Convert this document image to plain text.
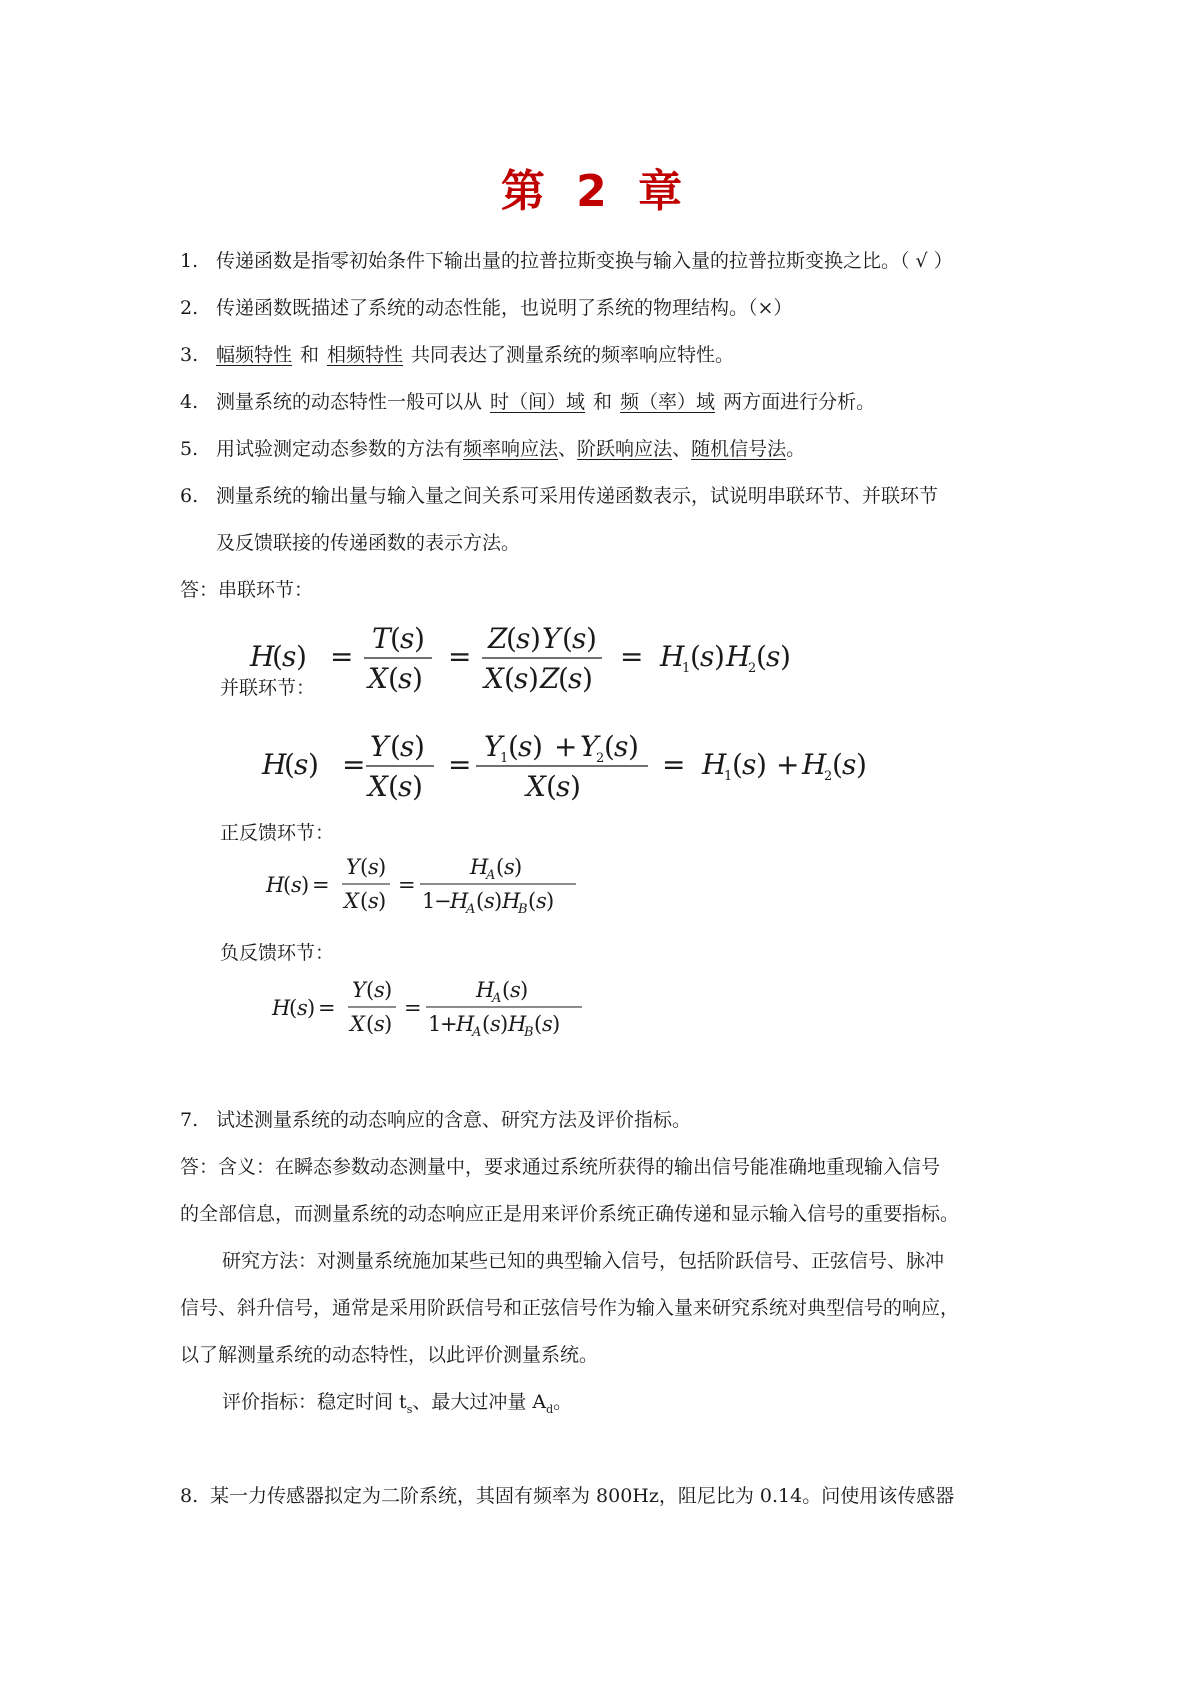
第 2 章
1. 传递函数是指零初始条件下输出量的拉普拉斯变换与输入量的拉普拉斯变换之比。（ √ ）
2. 传递函数既描述了系统的动态性能，也说明了系统的物理结构。（×）
3. 幅频特性 和 相频特性 共同表达了测量系统的频率响应特性。
4. 测量系统的动态特性一般可以从 时（间）域 和 频（率）域 两方面进行分析。
5. 用试验测定动态参数的方法有频率响应法、阶跃响应法、随机信号法。
6. 测量系统的输出量与输入量之间关系可采用传递函数表示，试说明串联环节、并联环节
及反馈联接的传递函数的表示方法。
答：串联环节：
H
( s ) =
T ( s )
X ( s )
=
Z
( s ) Y ( s )
X ( s ) Z
( s )
= H
1 ( s ) H
2 ( s )
并联环节：
H
( s ) =
Y ( s )
X ( s )
=
Y
1 ( s ) + Y
2 ( s )
X ( s )
= H
1 ( s ) + H
2 ( s )
正反馈环节：
H
( s ) =
Y ( s )
X ( s )
=
H
A ( s )
1
−
H
A ( s ) H
B ( s )
负反馈环节：
H
( s ) =
Y ( s )
X ( s )
=
H
A ( s )
1
+
H
A ( s ) H
B ( s )
7. 试述测量系统的动态响应的含意、研究方法及评价指标。
答：含义：在瞬态参数动态测量中，要求通过系统所获得的输出信号能准确地重现输入信号
的全部信息，而测量系统的动态响应正是用来评价系统正确传递和显示输入信号的重要指标。
研究方法：对测量系统施加某些已知的典型输入信号，包括阶跃信号、正弦信号、脉冲
信号、斜升信号，通常是采用阶跃信号和正弦信号作为输入量来研究系统对典型信号的响应，
以了解测量系统的动态特性，以此评价测量系统。
评价指标：稳定时间 $t_s$、最大过冲量 $A_d$。
8. 某一力传感器拟定为二阶系统，其固有频率为 800Hz，阻尼比为 0.14。问使用该传感器
